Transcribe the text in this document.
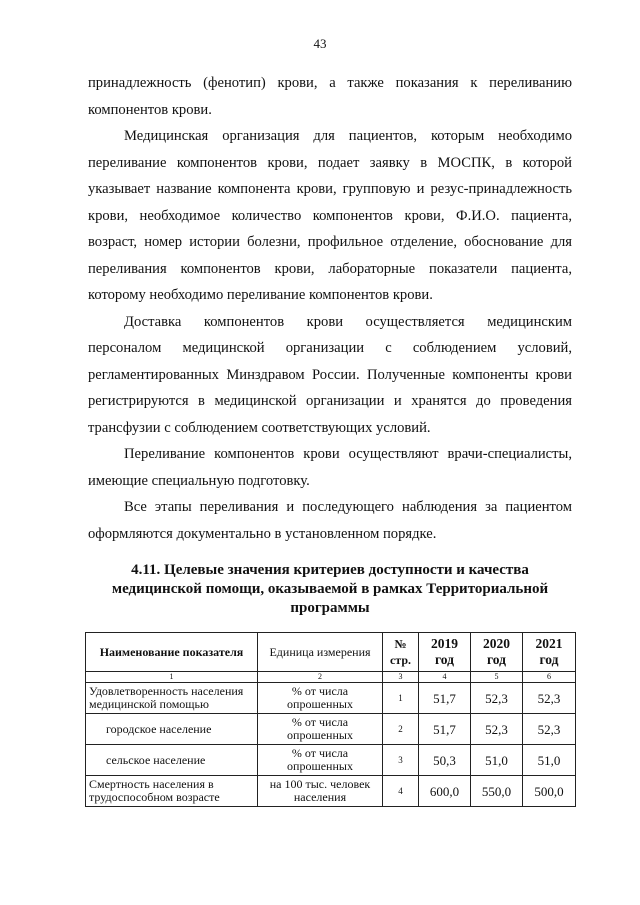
43

принадлежность (фенотип) крови, а также показания к переливанию компонентов крови.

Медицинская организация для пациентов, которым необходимо переливание компонентов крови, подает заявку в МОСПК, в которой указывает название компонента крови, групповую и резус-принадлежность крови, необходимое количество компонентов крови, Ф.И.О. пациента, возраст, номер истории болезни, профильное отделение, обоснование для переливания компонентов крови, лабораторные показатели пациента, которому необходимо переливание компонентов крови.

Доставка компонентов крови осуществляется медицинским персоналом медицинской организации с соблюдением условий, регламентированных Минздравом России. Полученные компоненты крови регистрируются в медицинской организации и хранятся до проведения трансфузии с соблюдением соответствующих условий.

Переливание компонентов крови осуществляют врачи-специалисты, имеющие специальную подготовку.

Все этапы переливания и последующего наблюдения за пациентом оформляются документально в установленном порядке.

4.11. Целевые значения критериев доступности и качества медицинской помощи, оказываемой в рамках Территориальной программы
Наименование показателя	Единица измерения	№ стр.	2019 год	2020 год	2021 год
1	2	3	4	5	6
Удовлетворенность населения медицинской помощью	% от числа опрошенных	1	51,7	52,3	52,3
городское население	% от числа опрошенных	2	51,7	52,3	52,3
сельское население	% от числа опрошенных	3	50,3	51,0	51,0
Смертность населения в трудоспособном возрасте	на 100 тыс. человек населения	4	600,0	550,0	500,0
